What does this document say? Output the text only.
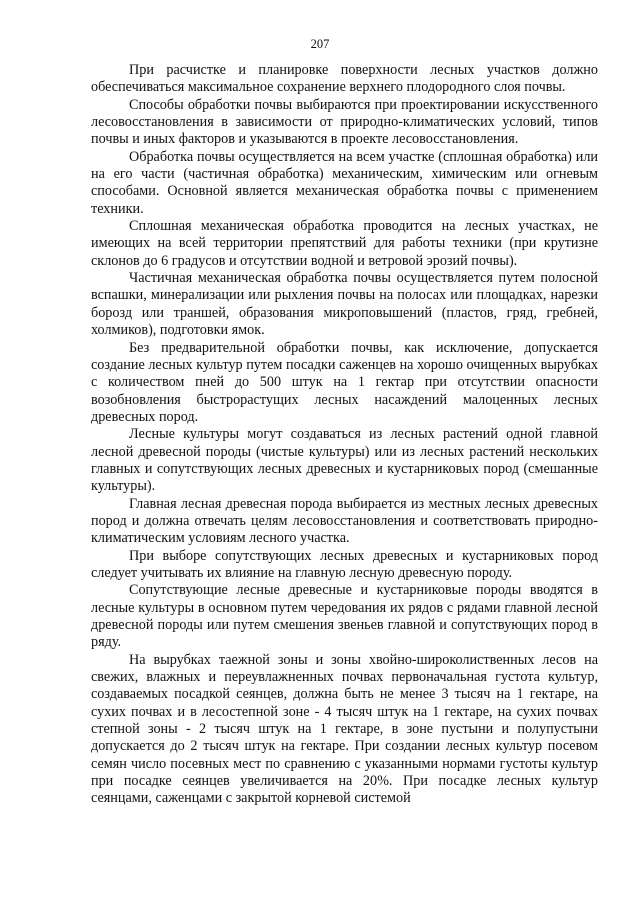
207

При расчистке и планировке поверхности лесных участков должно обеспечиваться максимальное сохранение верхнего плодородного слоя почвы.

Способы обработки почвы выбираются при проектировании искусственного лесовосстановления в зависимости от природно-климатических условий, типов почвы и иных факторов и указываются в проекте лесовосстановления.

Обработка почвы осуществляется на всем участке (сплошная обработка) или на его части (частичная обработка) механическим, химическим или огневым способами. Основной является механическая обработка почвы с применением техники.

Сплошная механическая обработка проводится на лесных участках, не имеющих на всей территории препятствий для работы техники (при крутизне склонов до 6 градусов и отсутствии водной и ветровой эрозий почвы).

Частичная механическая обработка почвы осуществляется путем полосной вспашки, минерализации или рыхления почвы на полосах или площадках, нарезки борозд или траншей, образования микроповышений (пластов, гряд, гребней, холмиков), подготовки ямок.

Без предварительной обработки почвы, как исключение, допускается создание лесных культур путем посадки саженцев на хорошо очищенных вырубках с количеством пней до 500 штук на 1 гектар при отсутствии опасности возобновления быстрорастущих лесных насаждений малоценных лесных древесных пород.

Лесные культуры могут создаваться из лесных растений одной главной лесной древесной породы (чистые культуры) или из лесных растений нескольких главных и сопутствующих лесных древесных и кустарниковых пород (смешанные культуры).

Главная лесная древесная порода выбирается из местных лесных древесных пород и должна отвечать целям лесовосстановления и соответствовать природно-климатическим условиям лесного участка.

При выборе сопутствующих лесных древесных и кустарниковых пород следует учитывать их влияние на главную лесную древесную породу.

Сопутствующие лесные древесные и кустарниковые породы вводятся в лесные культуры в основном путем чередования их рядов с рядами главной лесной древесной породы или путем смешения звеньев главной и сопутствующих пород в ряду.

На вырубках таежной зоны и зоны хвойно-широколиственных лесов на свежих, влажных и переувлажненных почвах первоначальная густота культур, создаваемых посадкой сеянцев, должна быть не менее 3 тысяч на 1 гектаре, на сухих почвах и в лесостепной зоне - 4 тысяч штук на 1 гектаре, на сухих почвах степной зоны - 2 тысяч штук на 1 гектаре, в зоне пустыни и полупустыни допускается до 2 тысяч штук на гектаре. При создании лесных культур посевом семян число посевных мест по сравнению с указанными нормами густоты культур при посадке сеянцев увеличивается на 20%. При посадке лесных культур сеянцами, саженцами с закрытой корневой системой
